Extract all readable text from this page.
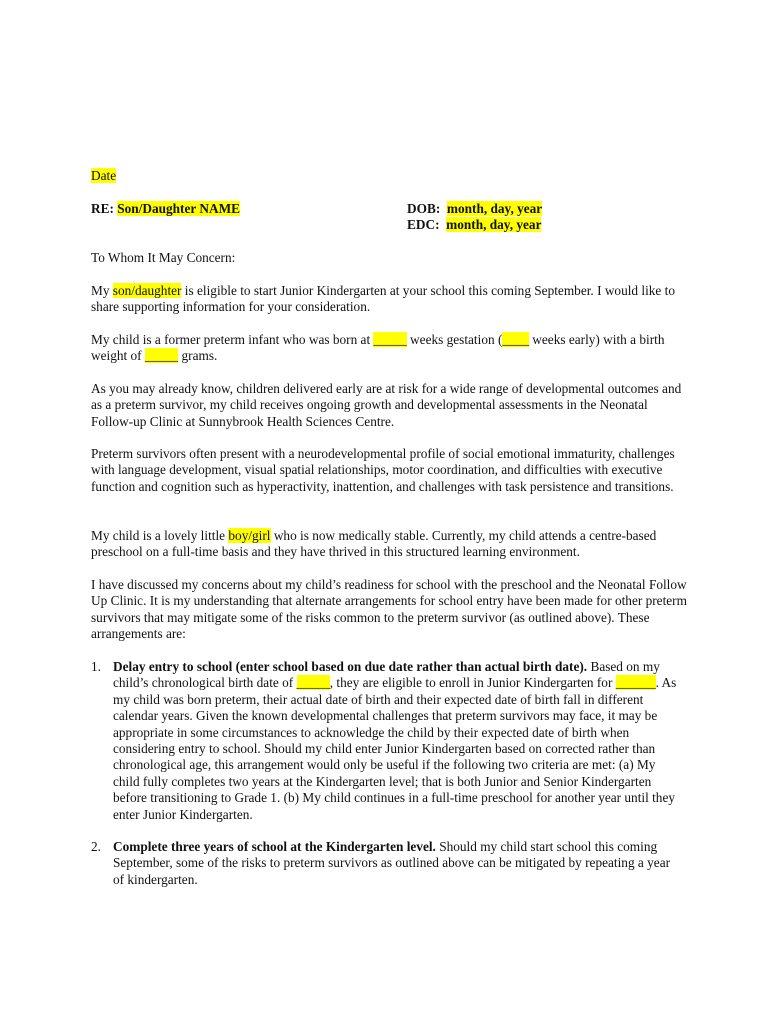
Date

RE: Son/Daughter NAME	DOB: month, day, year

EDC: month, day, year

To Whom It May Concern:

My son/daughter is eligible to start Junior Kindergarten at your school this coming September. I would like to share supporting information for your consideration.

My child is a former preterm infant who was born at _____ weeks gestation (____ weeks early) with a birth weight of _____ grams.

As you may already know, children delivered early are at risk for a wide range of developmental outcomes and as a preterm survivor, my child receives ongoing growth and developmental assessments in the Neonatal Follow-up Clinic at Sunnybrook Health Sciences Centre.

Preterm survivors often present with a neurodevelopmental profile of social emotional immaturity, challenges with language development, visual spatial relationships, motor coordination, and difficulties with executive function and cognition such as hyperactivity, inattention, and challenges with task persistence and transitions.

My child is a lovely little boy/girl who is now medically stable. Currently, my child attends a centre-based preschool on a full-time basis and they have thrived in this structured learning environment.

I have discussed my concerns about my child’s readiness for school with the preschool and the Neonatal Follow Up Clinic. It is my understanding that alternate arrangements for school entry have been made for other preterm survivors that may mitigate some of the risks common to the preterm survivor (as outlined above). These arrangements are:

1. Delay entry to school (enter school based on due date rather than actual birth date). Based on my child’s chronological birth date of _____, they are eligible to enroll in Junior Kindergarten for ______. As my child was born preterm, their actual date of birth and their expected date of birth fall in different calendar years. Given the known developmental challenges that preterm survivors may face, it may be appropriate in some circumstances to acknowledge the child by their expected date of birth when considering entry to school. Should my child enter Junior Kindergarten based on corrected rather than chronological age, this arrangement would only be useful if the following two criteria are met: (a) My child fully completes two years at the Kindergarten level; that is both Junior and Senior Kindergarten before transitioning to Grade 1. (b) My child continues in a full-time preschool for another year until they enter Junior Kindergarten.

2. Complete three years of school at the Kindergarten level. Should my child start school this coming September, some of the risks to preterm survivors as outlined above can be mitigated by repeating a year of kindergarten.
